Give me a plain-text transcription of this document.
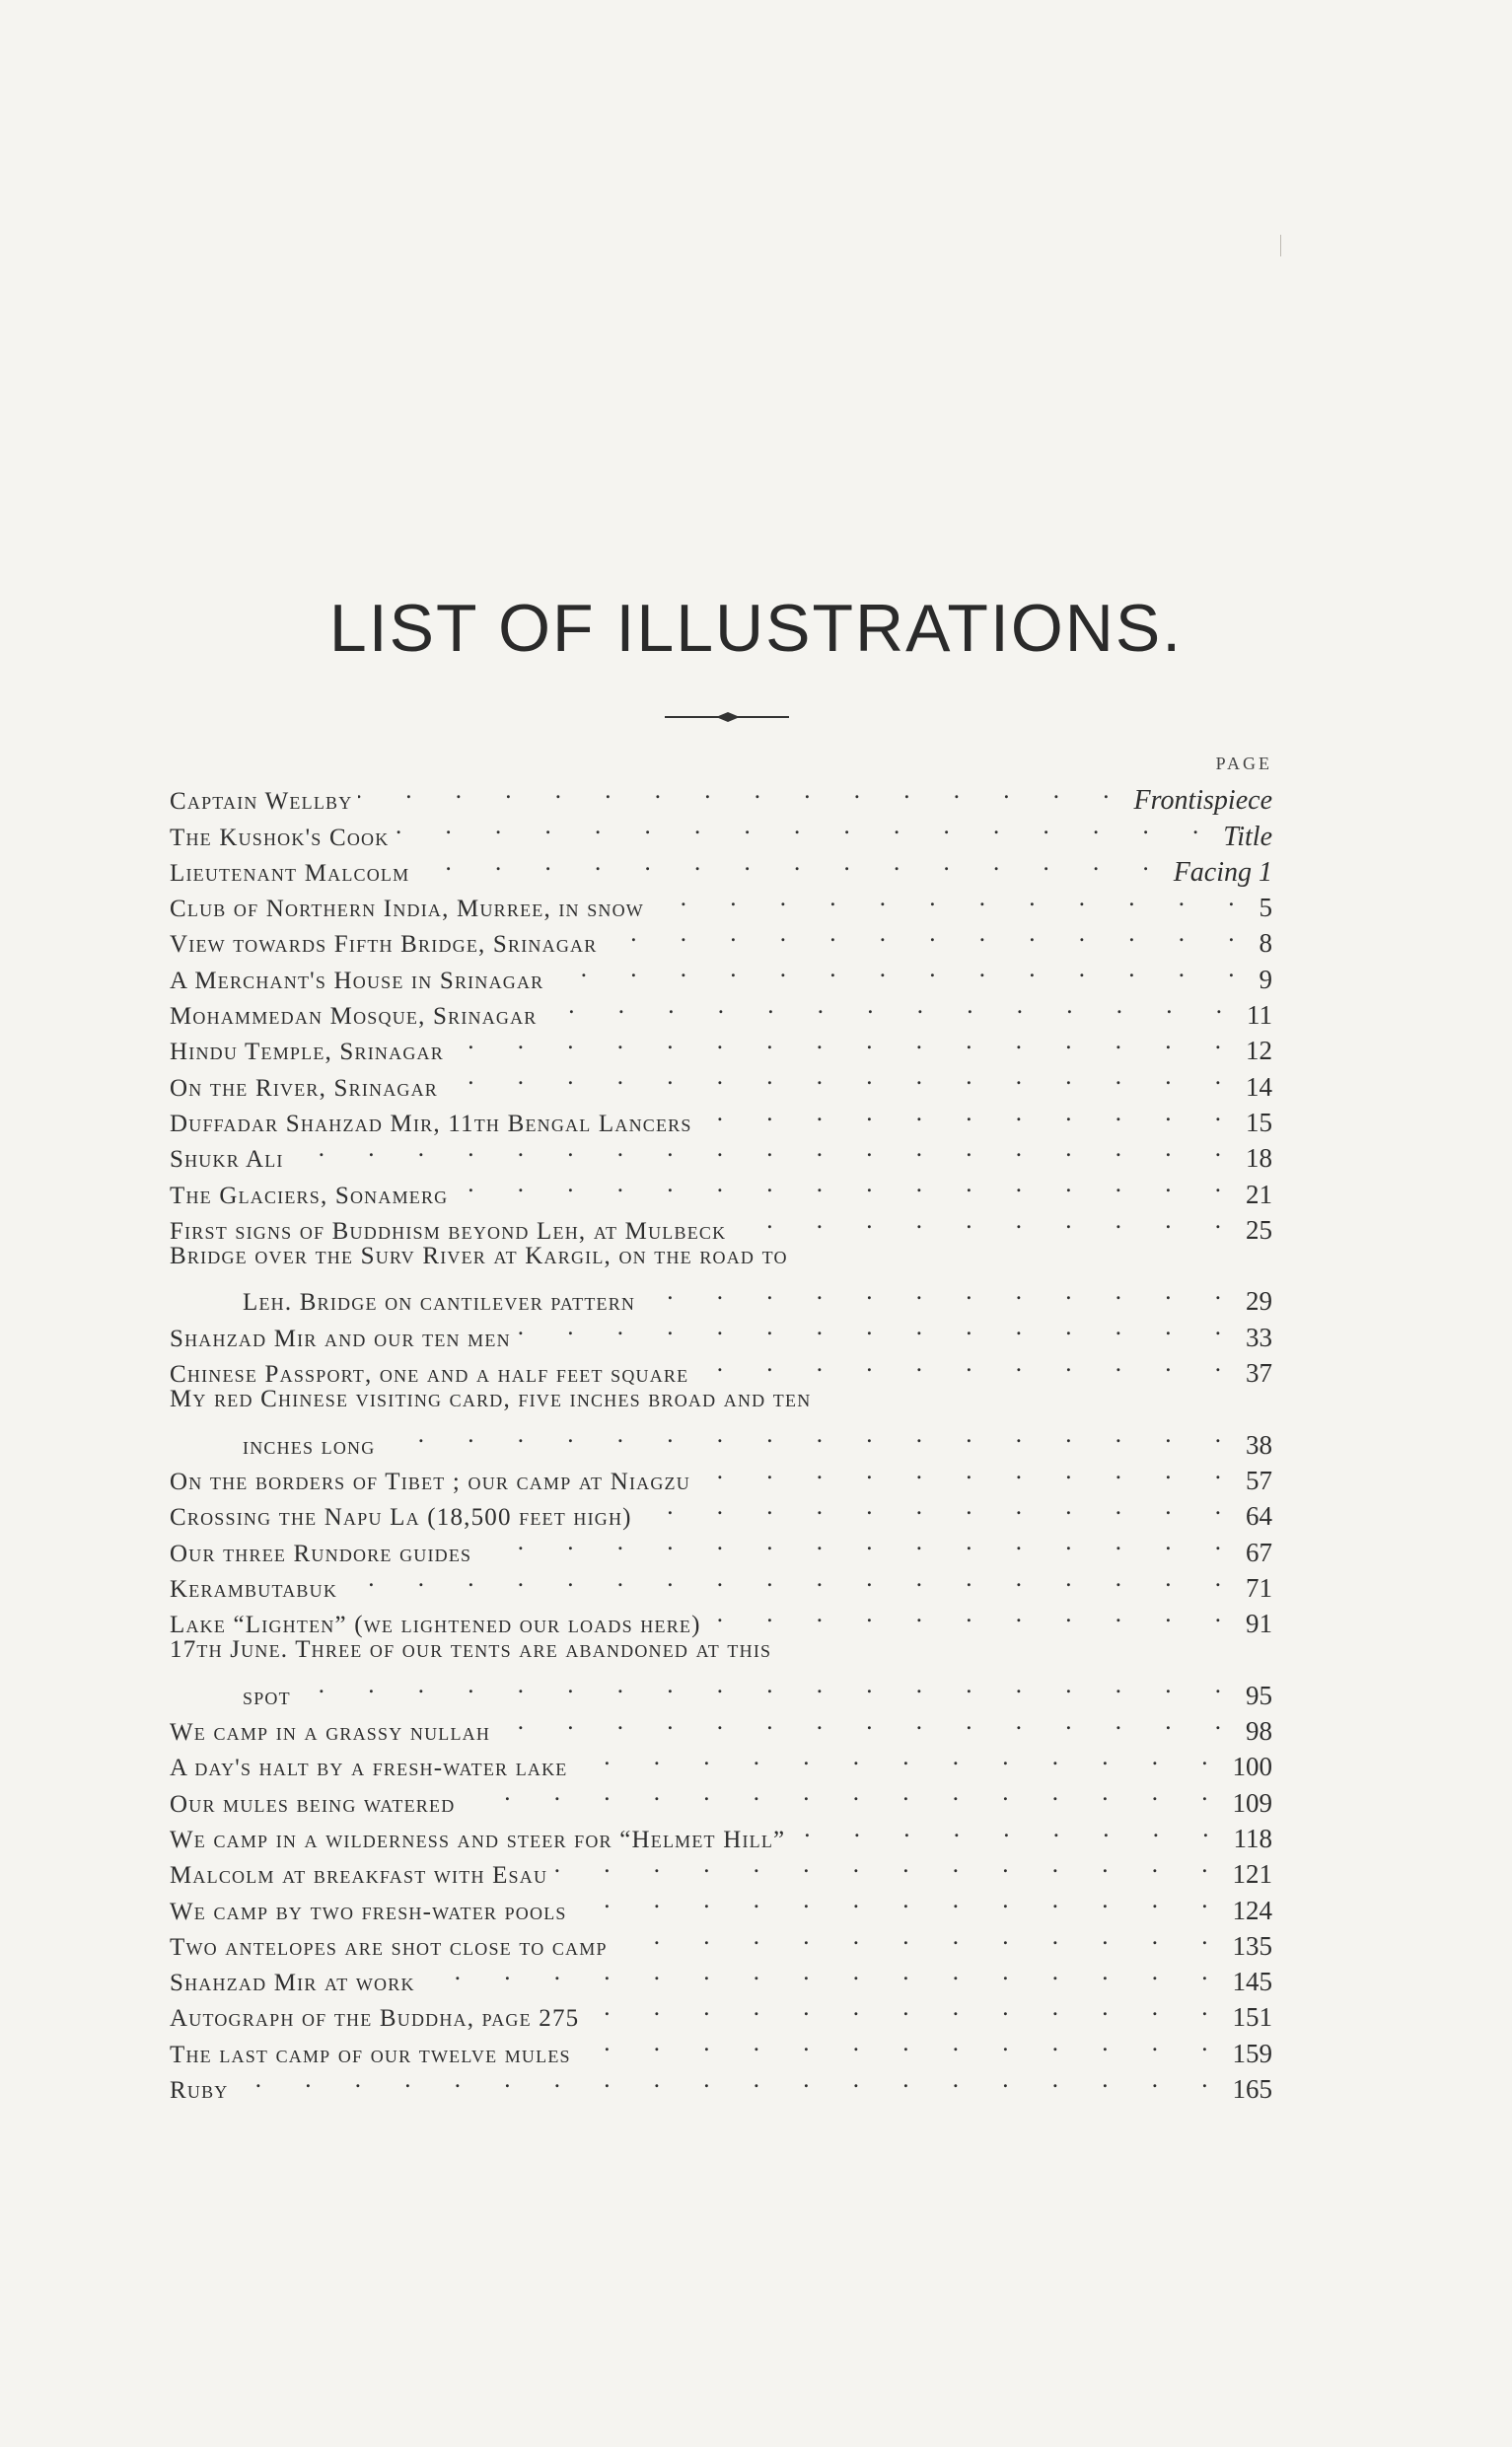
LIST OF ILLUSTRATIONS.
PAGE
Captain Wellby . . .	Frontispiece
The Kushok's Cook . . .	Title
Lieutenant Malcolm . . .	Facing 1
Club of Northern India, Murree, in snow . . .	5
View towards Fifth Bridge, Srinagar . . .	8
A Merchant's House in Srinagar . . .	9
Mohammedan Mosque, Srinagar . . .	11
Hindu Temple, Srinagar . . .	12
On the River, Srinagar . . .	14
Duffadar Shahzad Mir, 11th Bengal Lancers . . .	15
Shukr Ali . . .	18
The Glaciers, Sonamerg . . .	21
First signs of Buddhism beyond Leh, at Mulbeck . . .	25
Bridge over the Surv River at Kargil, on the road to
Leh. Bridge on cantilever pattern . . .	29
Shahzad Mir and our ten men . . .	33
Chinese Passport, one and a half feet square . . .	37
My red Chinese visiting card, five inches broad and ten
inches long . . .	38
On the borders of Tibet ; our camp at Niagzu . . .	57
Crossing the Napu La (18,500 feet high) . . .	64
Our three Rundore guides . . .	67
Kerambutabuk . . .	71
Lake “Lighten” (we lightened our loads here) . . .	91
17th June. Three of our tents are abandoned at this
spot . . .	95
We camp in a grassy nullah . . .	98
A day's halt by a fresh-water lake . . .	100
Our mules being watered . . .	109
We camp in a wilderness and steer for “Helmet Hill” . . .	118
Malcolm at breakfast with Esau . . .	121
We camp by two fresh-water pools . . .	124
Two antelopes are shot close to camp . . .	135
Shahzad Mir at work . . .	145
Autograph of the Buddha, page 275 . . .	151
The last camp of our twelve mules . . .	159
Ruby . . .	165
